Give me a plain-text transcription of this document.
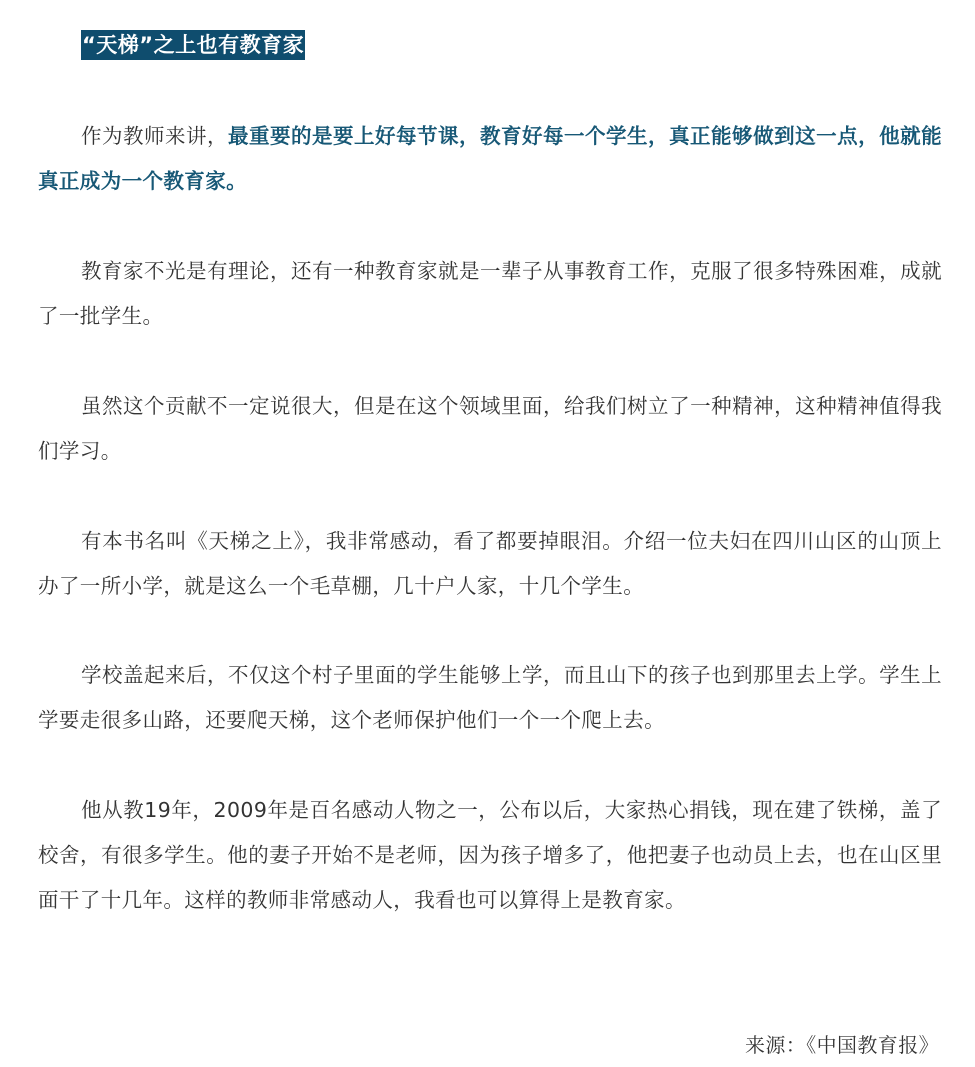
“天梯”之上也有教育家

作为教师来讲，最重要的是要上好每节课，教育好每一个学生，真正能够做到这一点，他就能真正成为一个教育家。

教育家不光是有理论，还有一种教育家就是一辈子从事教育工作，克服了很多特殊困难，成就了一批学生。

虽然这个贡献不一定说很大，但是在这个领域里面，给我们树立了一种精神，这种精神值得我们学习。

有本书名叫《天梯之上》，我非常感动，看了都要掉眼泪。介绍一位夫妇在四川山区的山顶上办了一所小学，就是这么一个毛草棚，几十户人家，十几个学生。

学校盖起来后，不仅这个村子里面的学生能够上学，而且山下的孩子也到那里去上学。学生上学要走很多山路，还要爬天梯，这个老师保护他们一个一个爬上去。

他从教19年，2009年是百名感动人物之一，公布以后，大家热心捐钱，现在建了铁梯，盖了校舍，有很多学生。他的妻子开始不是老师，因为孩子增多了，他把妻子也动员上去，也在山区里面干了十几年。这样的教师非常感动人，我看也可以算得上是教育家。

来源：《中国教育报》
